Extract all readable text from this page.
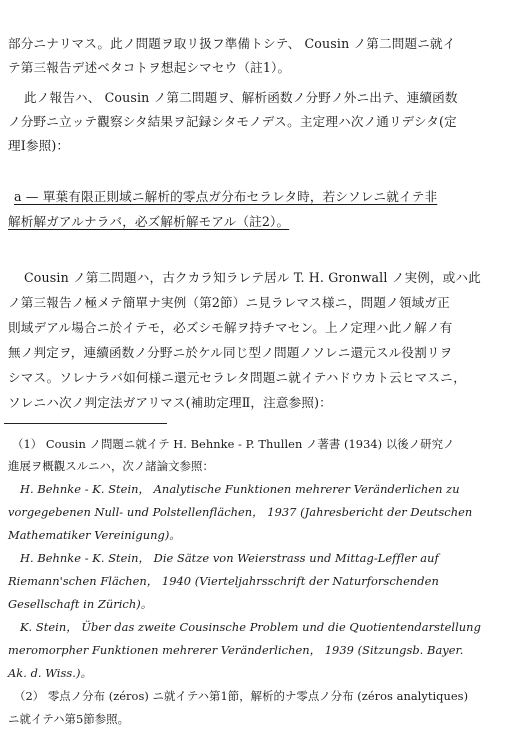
部分ニナリマス。此ノ問題ヲ取リ扱フ準備トシテ、 Cousin ノ第二問題ニ就イ
テ第三報告デ述ベタコトヲ想起シマセウ（註1）。
此ノ報告ハ、 Cousin ノ第二問題ヲ、解析函数ノ分野ノ外ニ出テ、連續函数
ノ分野ニ立ッテ觀察シタ結果ヲ記録シタモノデス。主定理ハ次ノ通リデシタ(定
理Ⅰ参照)：
a — 單葉有限正則域ニ解析的零点ガ分布セラレタ時，若シソレニ就イテ非
解析解ガアルナラバ，必ズ解析解モアル（註2）。
Cousin ノ第二問題ハ，古クカラ知ラレテ居ル T. H. Gronwall ノ実例，或ハ此
ノ第三報告ノ極メテ簡單ナ実例（第2節）ニ見ラレマス様ニ，問題ノ領域ガ正
則域デアル場合ニ於イテモ，必ズシモ解ヲ持チマセン。上ノ定理ハ此ノ解ノ有
無ノ判定ヲ，連續函数ノ分野ニ於ケル同じ型ノ問題ノソレニ還元スル役割リヲ
シマス。ソレナラバ如何様ニ還元セラレタ問題ニ就イテハドウカト云ヒマスニ，
ソレニハ次ノ判定法ガアリマス(補助定理Ⅱ，注意参照)：
（1） Cousin ノ問題ニ就イテ H. Behnke - P. Thullen ノ著書 (1934) 以後ノ研究ノ
進展ヲ概觀スルニハ，次ノ諸論文参照：
H. Behnke - K. Stein， Analytische Funktionen mehrerer Veränderlichen zu
vorgegebenen Null- und Polstellenflächen， 1937 (Jahresbericht der Deutschen
Mathematiker Vereinigung)。
H. Behnke - K. Stein， Die Sätze von Weierstrass und Mittag-Leffler auf
Riemann'schen Flächen， 1940 (Vierteljahrsschrift der Naturforschenden
Gesellschaft in Zürich)。
K. Stein， Über das zweite Cousinsche Problem und die Quotientendarstellung
meromorpher Funktionen mehrerer Veränderlichen， 1939 (Sitzungsb. Bayer.
Ak. d. Wiss.)。
（2） 零点ノ分布 (zéros) ニ就イテハ第1節，解析的ナ零点ノ分布 (zéros analytiques)
ニ就イテハ第5節参照。
